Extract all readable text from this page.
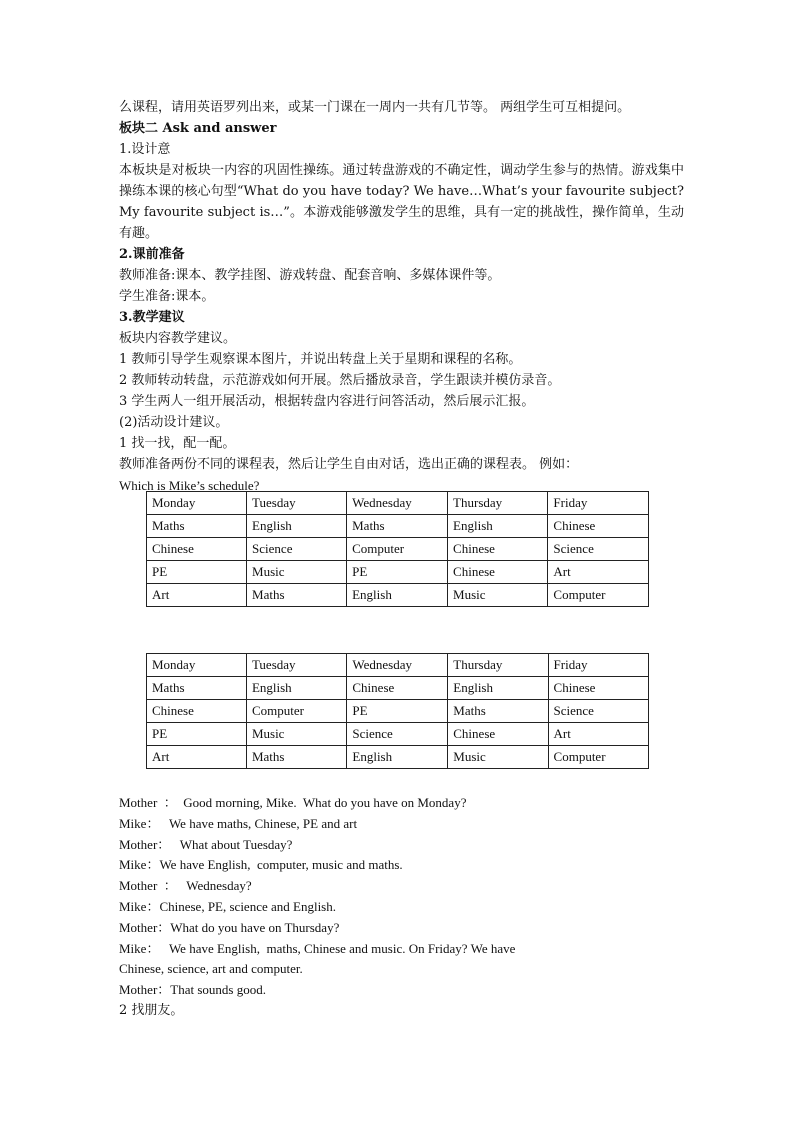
么课程，请用英语罗列出来，或某一门课在一周内一共有几节等。 两组学生可互相提问。

板块二 Ask and answer

1.设计意

本板块是对板块一内容的巩固性操练。通过转盘游戏的不确定性，调动学生参与的热情。游戏集中操练本课的核心句型“What do you have today? We have…What’s your favourite subject? My favourite subject is…”。本游戏能够激发学生的思维，具有一定的挑战性，操作简单，生动有趣。

2.课前准备

教师准备:课本、教学挂图、游戏转盘、配套音响、多媒体课件等。

学生准备:课本。

3.教学建议

板块内容教学建议。

1 教师引导学生观察课本图片，并说出转盘上关于星期和课程的名称。

2 教师转动转盘，示范游戏如何开展。然后播放录音，学生跟读并模仿录音。

3 学生两人一组开展活动，根据转盘内容进行问答活动，然后展示汇报。

(2)活动设计建议。

1 找一找，配一配。

教师准备两份不同的课程表，然后让学生自由对话，选出正确的课程表。 例如：

Which is Mike’s schedule?

Monday	Tuesday	Wednesday	Thursday	Friday
Maths	English	Maths	English	Chinese
Chinese	Science	Computer	Chinese	Science
PE	Music	PE	Chinese	Art
Art	Maths	English	Music	Computer
Monday	Tuesday	Wednesday	Thursday	Friday
Maths	English	Chinese	English	Chinese
Chinese	Computer	PE	Maths	Science
PE	Music	Science	Chinese	Art
Art	Maths	English	Music	Computer

Mother  ：  Good morning, Mike.  What do you have on Monday?

Mike：   We have maths, Chinese, PE and art

Mother：   What about Tuesday?

Mike：We have English,  computer, music and maths.

Mother  ：   Wednesday?

Mike：Chinese, PE, science and English.

Mother：What do you have on Thursday?

Mike：   We have English,  maths, Chinese and music. On Friday? We have

Chinese, science, art and computer.

Mother：That sounds good.

2 找朋友。
